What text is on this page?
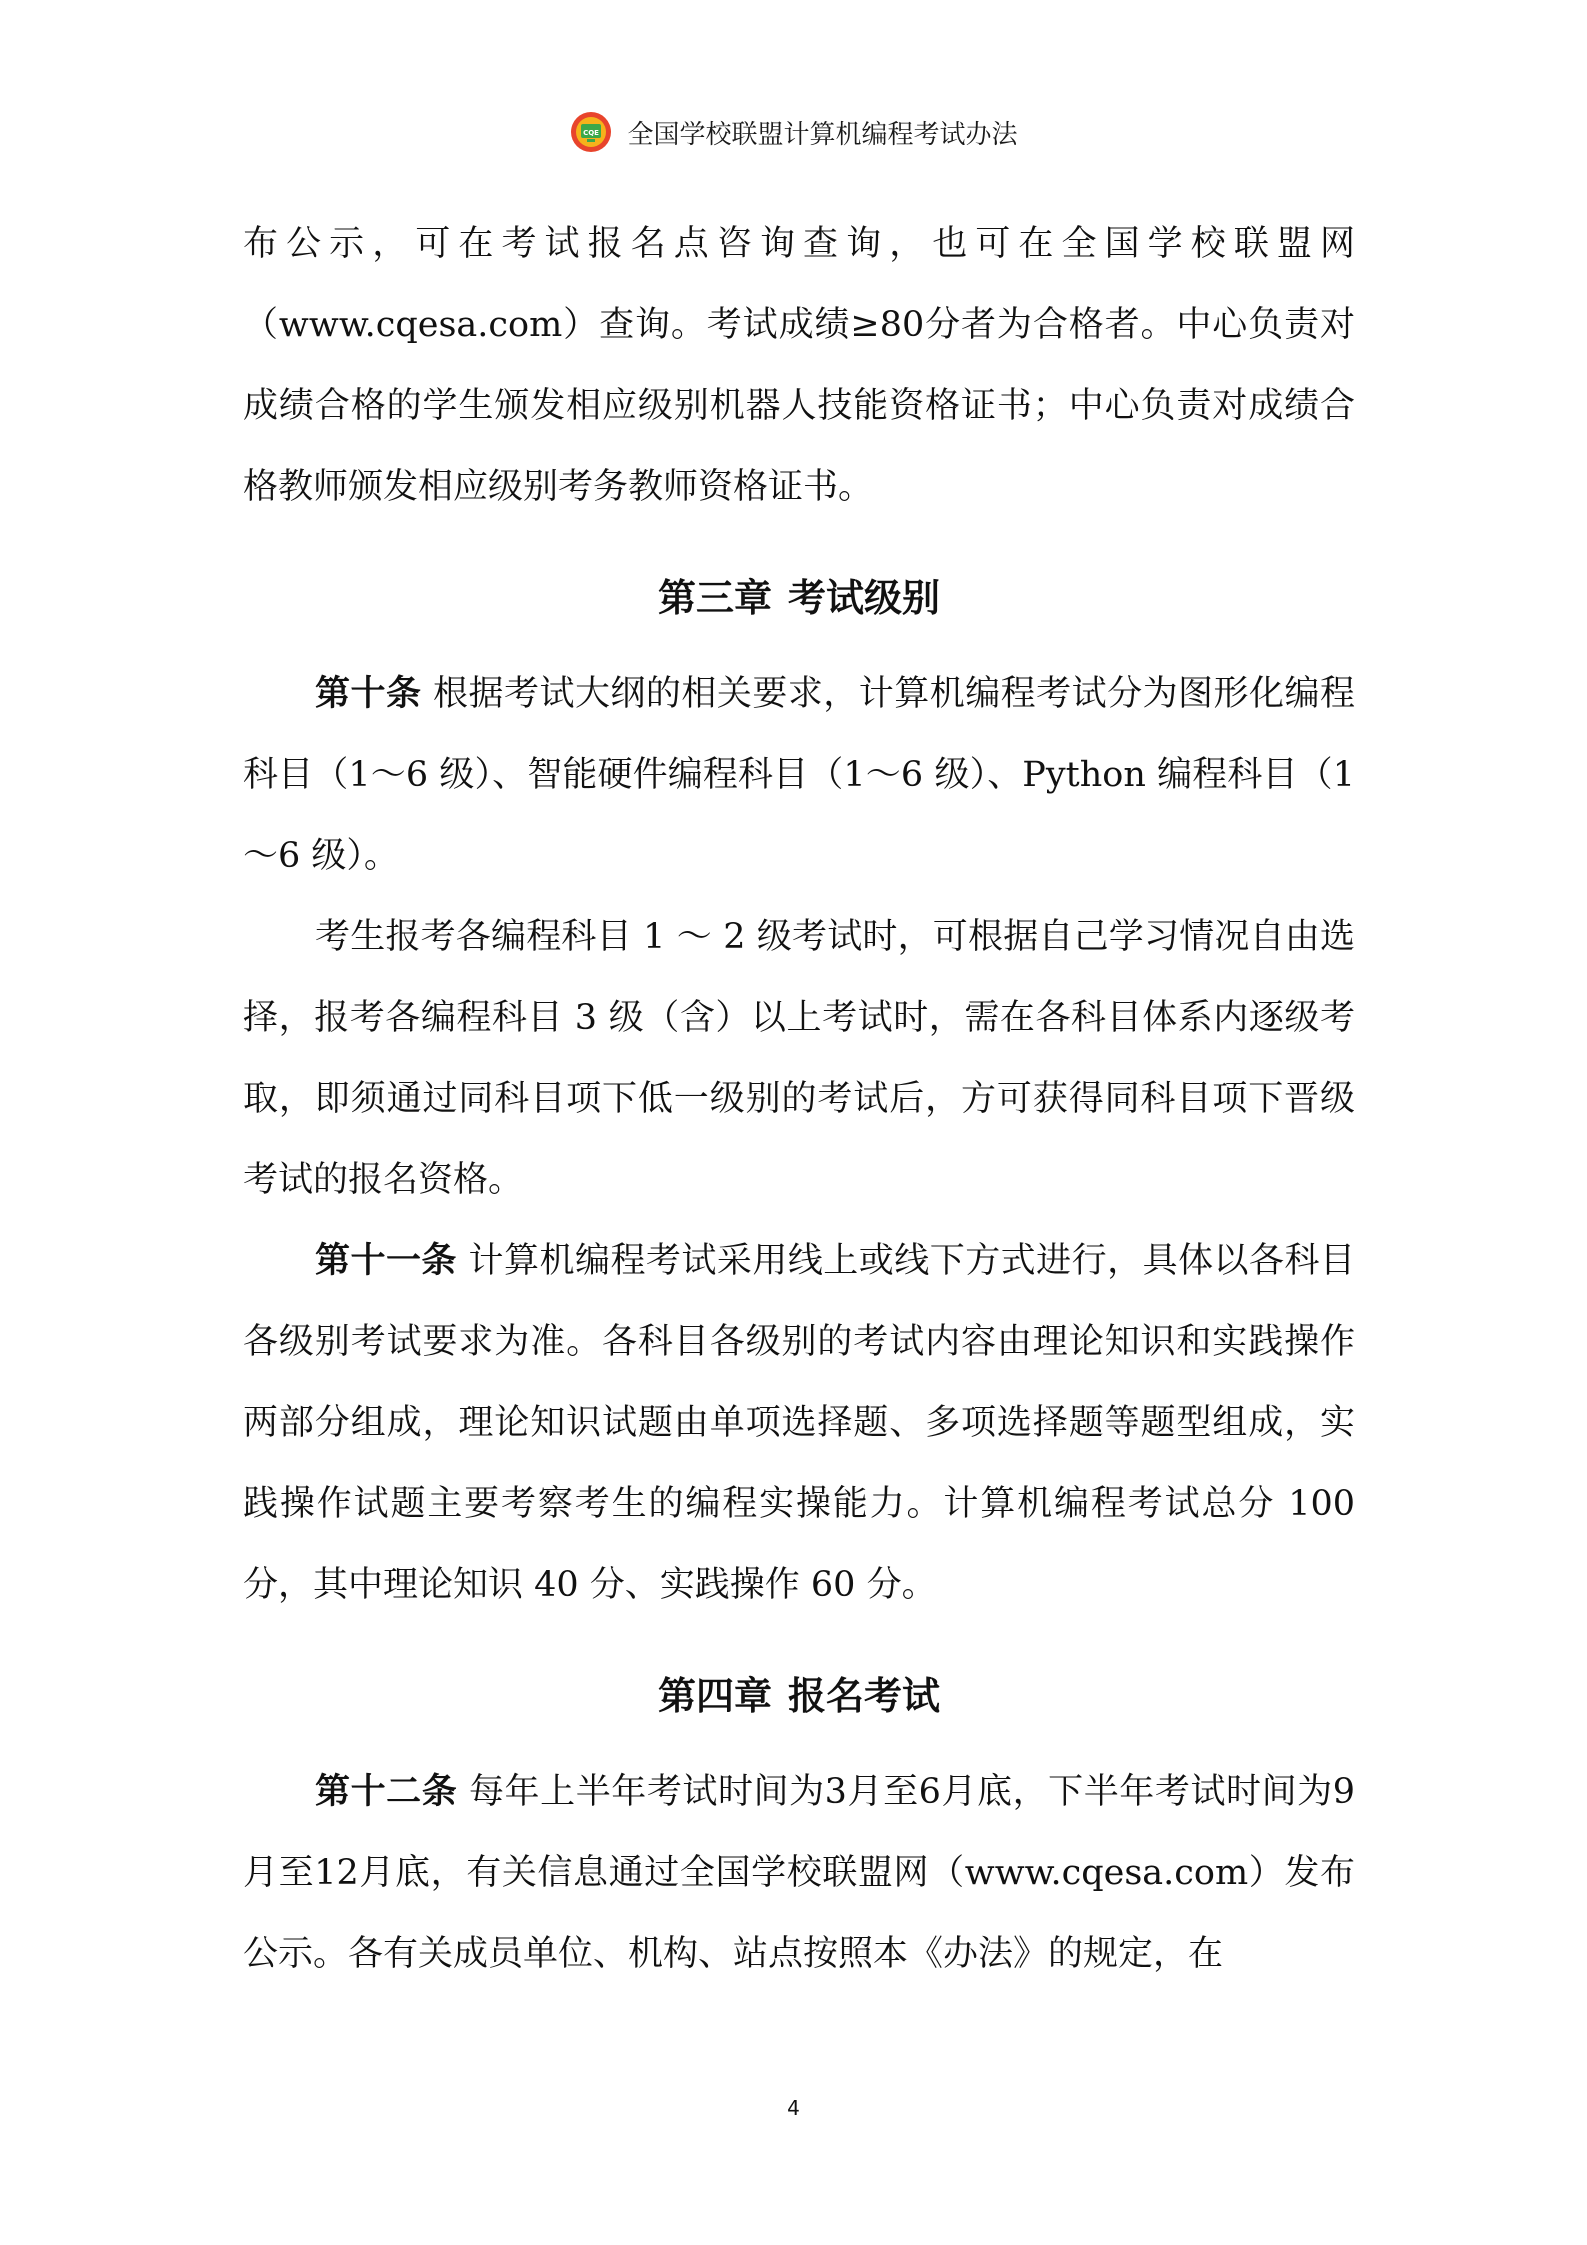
CQE 全国学校联盟计算机编程考试办法

布公示，可在考试报名点咨询查询，也可在全国学校联盟网（www.cqesa.com）查询。考试成绩≥80分者为合格者。中心负责对成绩合格的学生颁发相应级别机器人技能资格证书；中心负责对成绩合格教师颁发相应级别考务教师资格证书。

第三章 考试级别

第十条 根据考试大纲的相关要求，计算机编程考试分为图形化编程科目（1～6 级）、智能硬件编程科目（1～6 级）、Python 编程科目（1～6 级）。

考生报考各编程科目 1 ～ 2 级考试时，可根据自己学习情况自由选择，报考各编程科目 3 级（含）以上考试时，需在各科目体系内逐级考取，即须通过同科目项下低一级别的考试后，方可获得同科目项下晋级考试的报名资格。

第十一条 计算机编程考试采用线上或线下方式进行，具体以各科目各级别考试要求为准。各科目各级别的考试内容由理论知识和实践操作两部分组成，理论知识试题由单项选择题、多项选择题等题型组成，实践操作试题主要考察考生的编程实操能力。计算机编程考试总分 100 分，其中理论知识 40 分、实践操作 60 分。

第四章 报名考试

第十二条 每年上半年考试时间为3月至6月底，下半年考试时间为9月至12月底，有关信息通过全国学校联盟网（www.cqesa.com）发布公示。各有关成员单位、机构、站点按照本《办法》的规定，在

4
